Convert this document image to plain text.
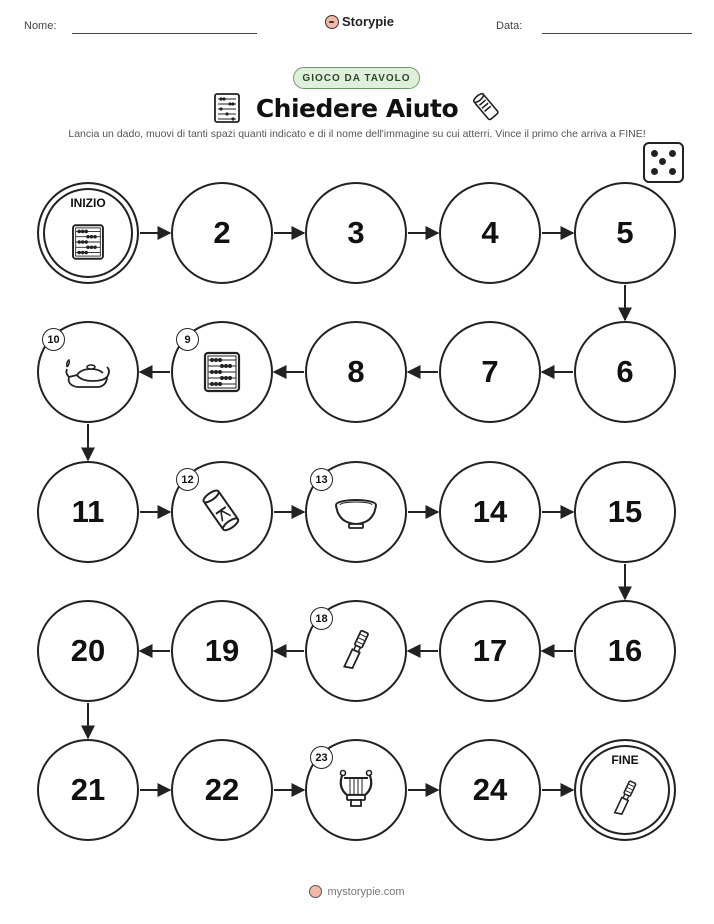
Nome:	Storypie	Data:
GIOCO DA TAVOLO
Chiedere Aiuto
Lancia un dado, muovi di tanti spazi quanti indicato e di il nome dell'immagine su cui atterri. Vince il primo che arriva a FINE!
INIZIO
2	3	4	5
6
7
8
9
10
11
12	13
14	15
16
17
18
19
20
21	22
23
24
FINE
mystorypie.com
